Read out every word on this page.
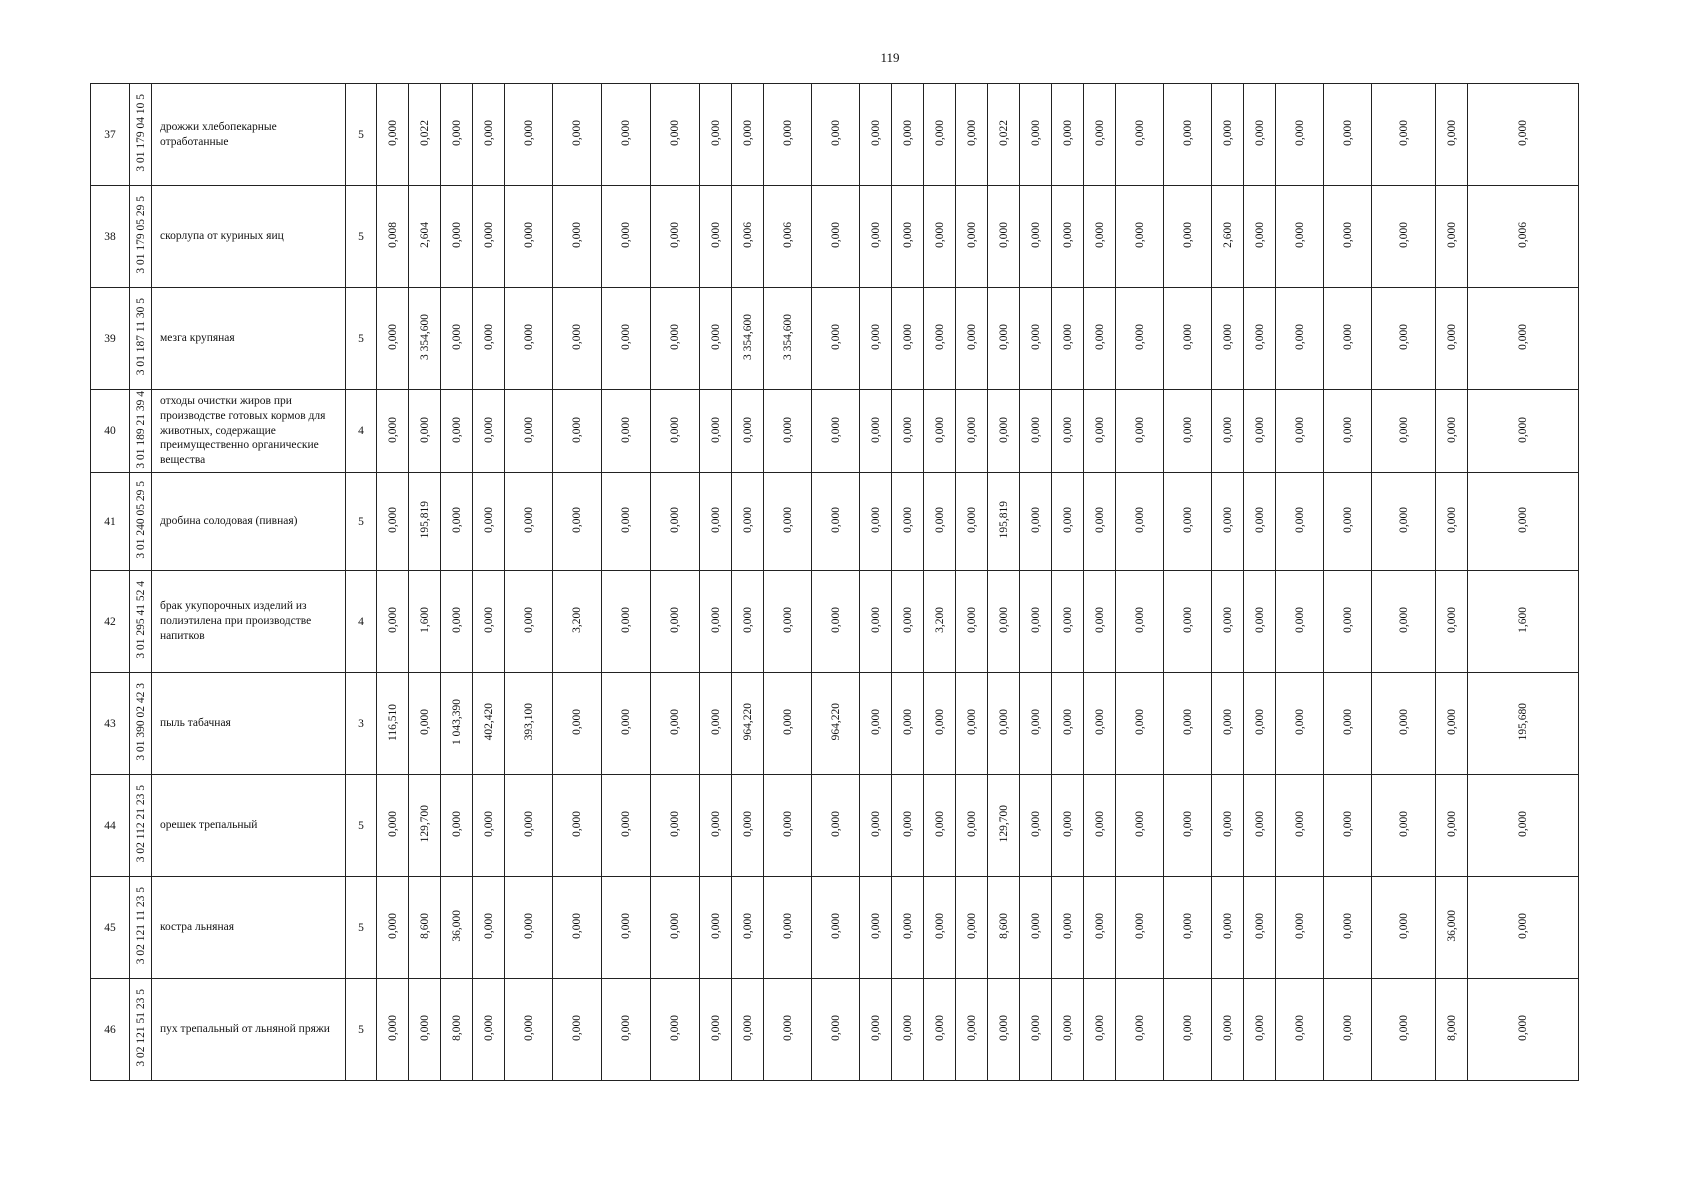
119
37	3 01 179 04 10 5	дрожжи хлебопекарные отработанные	5	0,000	0,022	0,000	0,000	0,000	0,000	0,000	0,000	0,000	0,000	0,000	0,000	0,000	0,000	0,000	0,000	0,022	0,000	0,000	0,000	0,000	0,000	0,000	0,000	0,000	0,000	0,000	0,000	0,000
38	3 01 179 05 29 5	скорлупа от куриных яиц	5	0,008	2,604	0,000	0,000	0,000	0,000	0,000	0,000	0,000	0,006	0,006	0,000	0,000	0,000	0,000	0,000	0,000	0,000	0,000	0,000	0,000	0,000	2,600	0,000	0,000	0,000	0,000	0,000	0,006
39	3 01 187 11 30 5	мезга крупяная	5	0,000	3 354,600	0,000	0,000	0,000	0,000	0,000	0,000	0,000	3 354,600	3 354,600	0,000	0,000	0,000	0,000	0,000	0,000	0,000	0,000	0,000	0,000	0,000	0,000	0,000	0,000	0,000	0,000	0,000	0,000
40	3 01 189 21 39 4	отходы очистки жиров при производстве готовых кормов для животных, содержащие преимущественно органические вещества	4	0,000	0,000	0,000	0,000	0,000	0,000	0,000	0,000	0,000	0,000	0,000	0,000	0,000	0,000	0,000	0,000	0,000	0,000	0,000	0,000	0,000	0,000	0,000	0,000	0,000	0,000	0,000	0,000	0,000
41	3 01 240 05 29 5	дробина солодовая (пивная)	5	0,000	195,819	0,000	0,000	0,000	0,000	0,000	0,000	0,000	0,000	0,000	0,000	0,000	0,000	0,000	0,000	195,819	0,000	0,000	0,000	0,000	0,000	0,000	0,000	0,000	0,000	0,000	0,000	0,000
42	3 01 295 41 52 4	брак укупорочных изделий из полиэтилена при производстве напитков	4	0,000	1,600	0,000	0,000	0,000	3,200	0,000	0,000	0,000	0,000	0,000	0,000	0,000	0,000	3,200	0,000	0,000	0,000	0,000	0,000	0,000	0,000	0,000	0,000	0,000	0,000	0,000	0,000	1,600
43	3 01 390 02 42 3	пыль табачная	3	116,510	0,000	1 043,390	402,420	393,100	0,000	0,000	0,000	0,000	964,220	0,000	964,220	0,000	0,000	0,000	0,000	0,000	0,000	0,000	0,000	0,000	0,000	0,000	0,000	0,000	0,000	0,000	0,000	195,680
44	3 02 112 21 23 5	орешек трепальный	5	0,000	129,700	0,000	0,000	0,000	0,000	0,000	0,000	0,000	0,000	0,000	0,000	0,000	0,000	0,000	0,000	129,700	0,000	0,000	0,000	0,000	0,000	0,000	0,000	0,000	0,000	0,000	0,000	0,000
45	3 02 121 11 23 5	костра льняная	5	0,000	8,600	36,000	0,000	0,000	0,000	0,000	0,000	0,000	0,000	0,000	0,000	0,000	0,000	0,000	0,000	8,600	0,000	0,000	0,000	0,000	0,000	0,000	0,000	0,000	0,000	0,000	36,000	0,000
46	3 02 121 51 23 5	пух трепальный от льняной пряжи	5	0,000	0,000	8,000	0,000	0,000	0,000	0,000	0,000	0,000	0,000	0,000	0,000	0,000	0,000	0,000	0,000	0,000	0,000	0,000	0,000	0,000	0,000	0,000	0,000	0,000	0,000	0,000	8,000	0,000
